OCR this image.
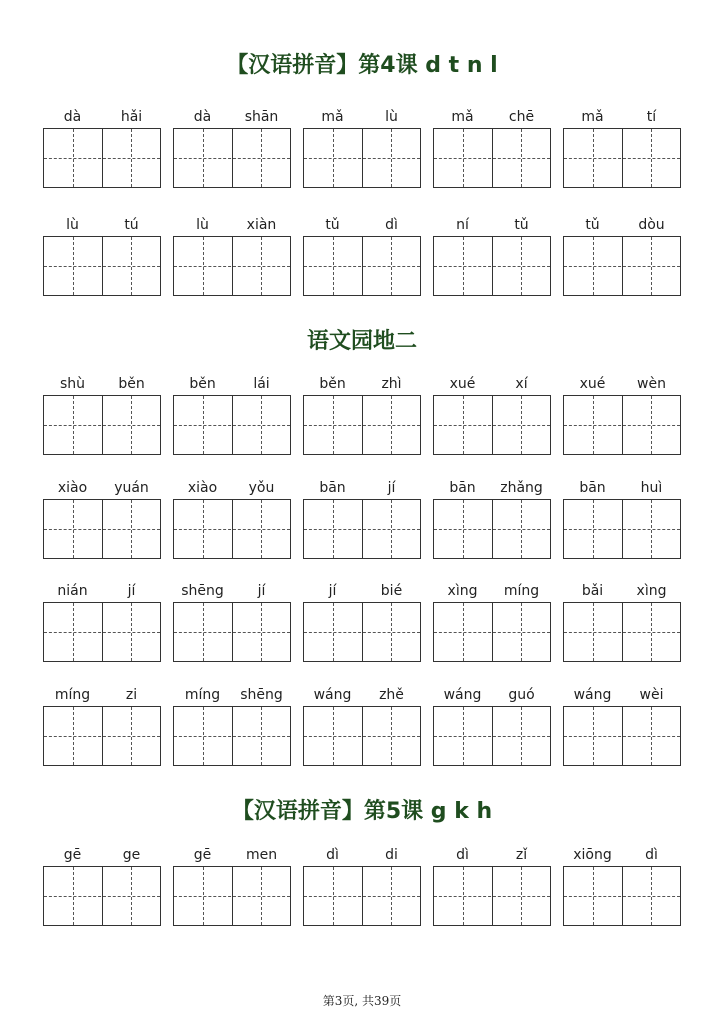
【汉语拼音】第4课 d t n l
dà	hǎi	dà	shān	mǎ	lù	mǎ	chē	mǎ	tí
lù	tú	lù	xiàn	tǔ	dì	ní	tǔ	tǔ	dòu
语文园地二
shù	běn	běn	lái	běn	zhì	xué	xí	xué	wèn
xiào	yuán	xiào	yǒu	bān	jí	bān	zhǎng	bān	huì
nián	jí	shēng	jí	jí	bié	xìng	míng	bǎi	xìng
míng	zi	míng	shēng	wáng	zhě	wáng	guó	wáng	wèi
【汉语拼音】第5课 g k h
gē	ge	gē	men	dì	di	dì	zǐ	xiōng	dì
第3页, 共39页
